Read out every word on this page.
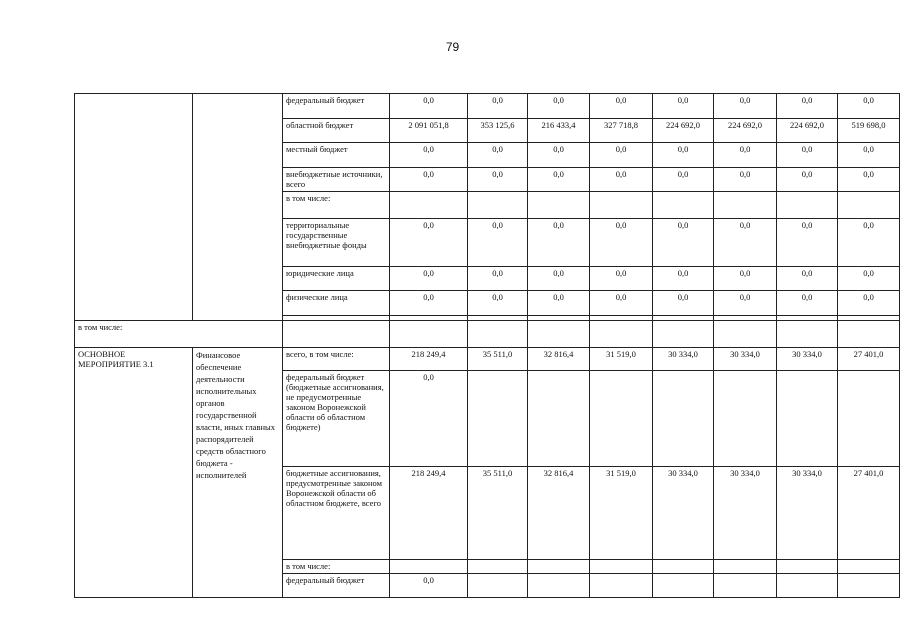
79
		федеральный бюджет	0,0	0,0	0,0	0,0	0,0	0,0	0,0	0,0
		областной бюджет	2 091 051,8	353 125,6	216 433,4	327 718,8	224 692,0	224 692,0	224 692,0	519 698,0
		местный бюджет	0,0	0,0	0,0	0,0	0,0	0,0	0,0	0,0
		внебюджетные источники, всего	0,0	0,0	0,0	0,0	0,0	0,0	0,0	0,0
		в том числе:								
		территориальные государственные внебюджетные фонды	0,0	0,0	0,0	0,0	0,0	0,0	0,0	0,0
		юридические лица	0,0	0,0	0,0	0,0	0,0	0,0	0,0	0,0
		физические лица	0,0	0,0	0,0	0,0	0,0	0,0	0,0	0,0

в том числе:										
ОСНОВНОЕ МЕРОПРИЯТИЕ 3.1	Финансовое обеспечение деятельности исполнительных органов государственной власти, иных главных распорядителей средств областного бюджета - исполнителей	всего, в том числе:	218 249,4	35 511,0	32 816,4	31 519,0	30 334,0	30 334,0	30 334,0	27 401,0
		федеральный бюджет (бюджетные ассигнования, не предусмотренные законом Воронежской области об областном бюджете)	0,0							
		бюджетные ассигнования, предусмотренные законом Воронежской области об областном бюджете, всего	218 249,4	35 511,0	32 816,4	31 519,0	30 334,0	30 334,0	30 334,0	27 401,0
		в том числе:								
		федеральный бюджет	0,0							
